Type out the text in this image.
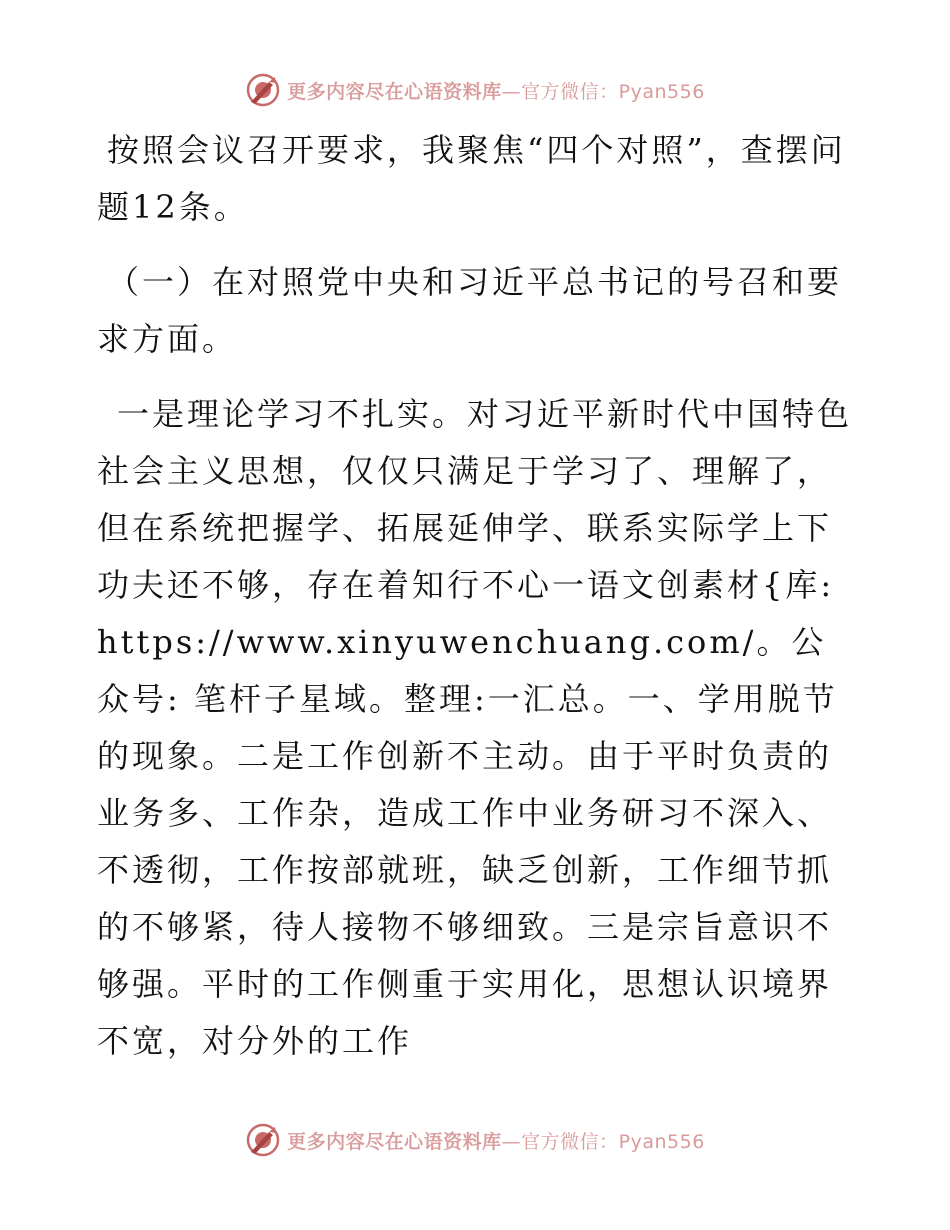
更多内容尽在心语资料库—官方微信：Pyan556

按照会议召开要求，我聚焦“四个对照”，查摆问题12条。

（一）在对照党中央和习近平总书记的号召和要求方面。

一是理论学习不扎实。对习近平新时代中国特色社会主义思想，仅仅只满足于学习了、理解了，但在系统把握学、拓展延伸学、联系实际学上下功夫还不够，存在着知行不心一语文创素材{库:https://www.xinyuwenchuang.com/。公众号: 笔杆子星域。整理:一汇总。一、学用脱节的现象。二是工作创新不主动。由于平时负责的业务多、工作杂，造成工作中业务研习不深入、不透彻，工作按部就班，缺乏创新，工作细节抓的不够紧，待人接物不够细致。三是宗旨意识不够强。平时的工作侧重于实用化，思想认识境界不宽，对分外的工作

更多内容尽在心语资料库—官方微信：Pyan556
